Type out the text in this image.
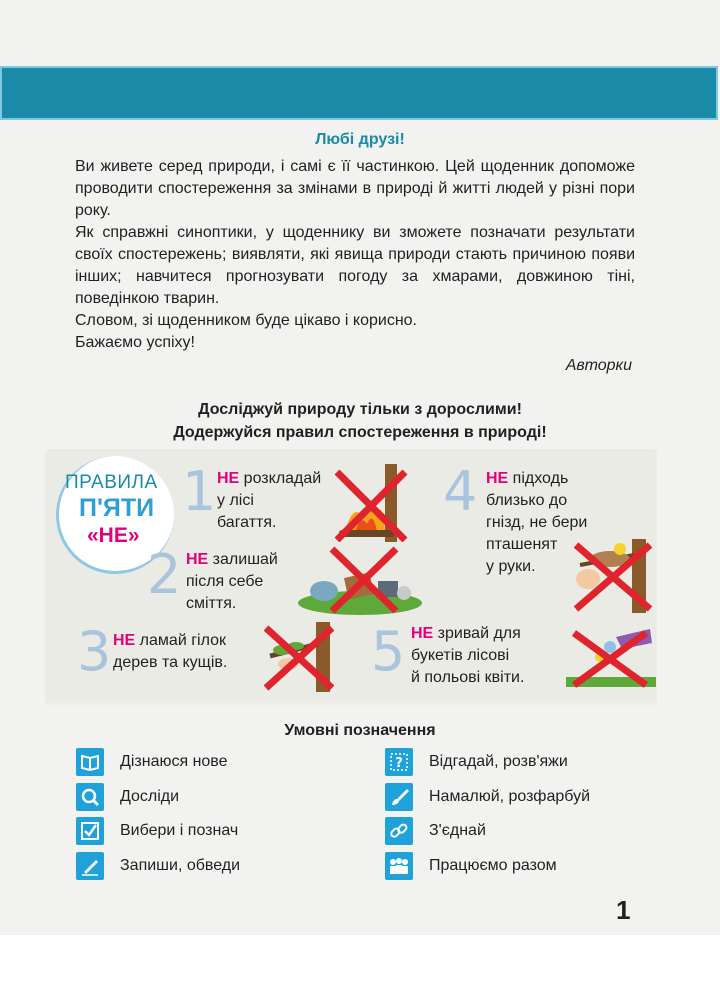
Любі друзі!

Ви живете серед природи, і самі є її частинкою. Цей щоденник допоможе проводити спостереження за змінами в природі й житті людей у різні пори року.

Як справжні синоптики, у щоденнику ви зможете позначати результати своїх спостережень; виявляти, які явища природи стають причиною появи інших; навчитеся прогнозувати погоду за хмарами, довжиною тіні, поведінкою тварин.

Словом, зі щоденником буде цікаво і корисно.

Бажаємо успіху!

Авторки
Досліджуй природу тільки з дорослими!
Додержуйся правил спостереження в природі!
ПРАВИЛА
П'ЯТИ
«НЕ»
1 НЕ розкладай
у лісі
багаття.
2 НЕ залишай
після себе
сміття.
3 НЕ ламай гілок
дерев та кущів.
4 НЕ підходь
близько до
гнізд, не бери
пташенят
у руки.
5 НЕ зривай для
букетів лісові
й польові квіти.
Умовні позначення
Дізнаюся нове
Досліди
Вибери і познач
Запиши, обведи
? Відгадай, розв'яжи
Намалюй, розфарбуй
З'єднай
Працюємо разом
1
